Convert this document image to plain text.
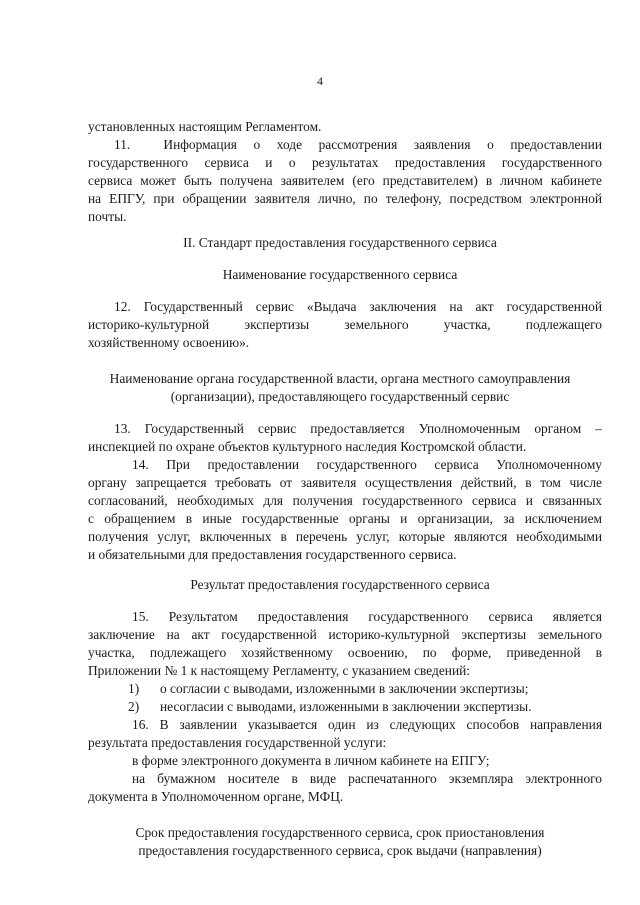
4
установленных настоящим Регламентом.
11.  Информация о ходе рассмотрения заявления о предоставлении
государственного сервиса и о результатах предоставления государственного
сервиса может быть получена заявителем (его представителем) в личном кабинете
на ЕПГУ, при обращении заявителя лично, по телефону, посредством электронной
почты.
II. Стандарт предоставления государственного сервиса
Наименование государственного сервиса
12. Государственный сервис «Выдача заключения на акт государственной
историко-культурной экспертизы земельного участка, подлежащего
хозяйственному освоению».
Наименование органа государственной власти, органа местного самоуправления
(организации), предоставляющего государственный сервис
13. Государственный сервис предоставляется Уполномоченным органом –
инспекцией по охране объектов культурного наследия Костромской области.
14. При предоставлении государственного сервиса Уполномоченному
органу запрещается требовать от заявителя осуществления действий, в том числе
согласований, необходимых для получения государственного сервиса и связанных
с обращением в иные государственные органы и организации, за исключением
получения услуг, включенных в перечень услуг, которые являются необходимыми
и обязательными для предоставления государственного сервиса.
Результат предоставления государственного сервиса
15. Результатом предоставления государственного сервиса является
заключение на акт государственной историко-культурной экспертизы земельного
участка, подлежащего хозяйственному освоению, по форме, приведенной в
Приложении № 1 к настоящему Регламенту, с указанием сведений:
1) о согласии с выводами, изложенными в заключении экспертизы;
2) несогласии с выводами, изложенными в заключении экспертизы.
16. В заявлении указывается один из следующих способов направления
результата предоставления государственной услуги:
в форме электронного документа в личном кабинете на ЕПГУ;
на бумажном носителе в виде распечатанного экземпляра электронного
документа в Уполномоченном органе, МФЦ.
Срок предоставления государственного сервиса, срок приостановления
предоставления государственного сервиса, срок выдачи (направления)
